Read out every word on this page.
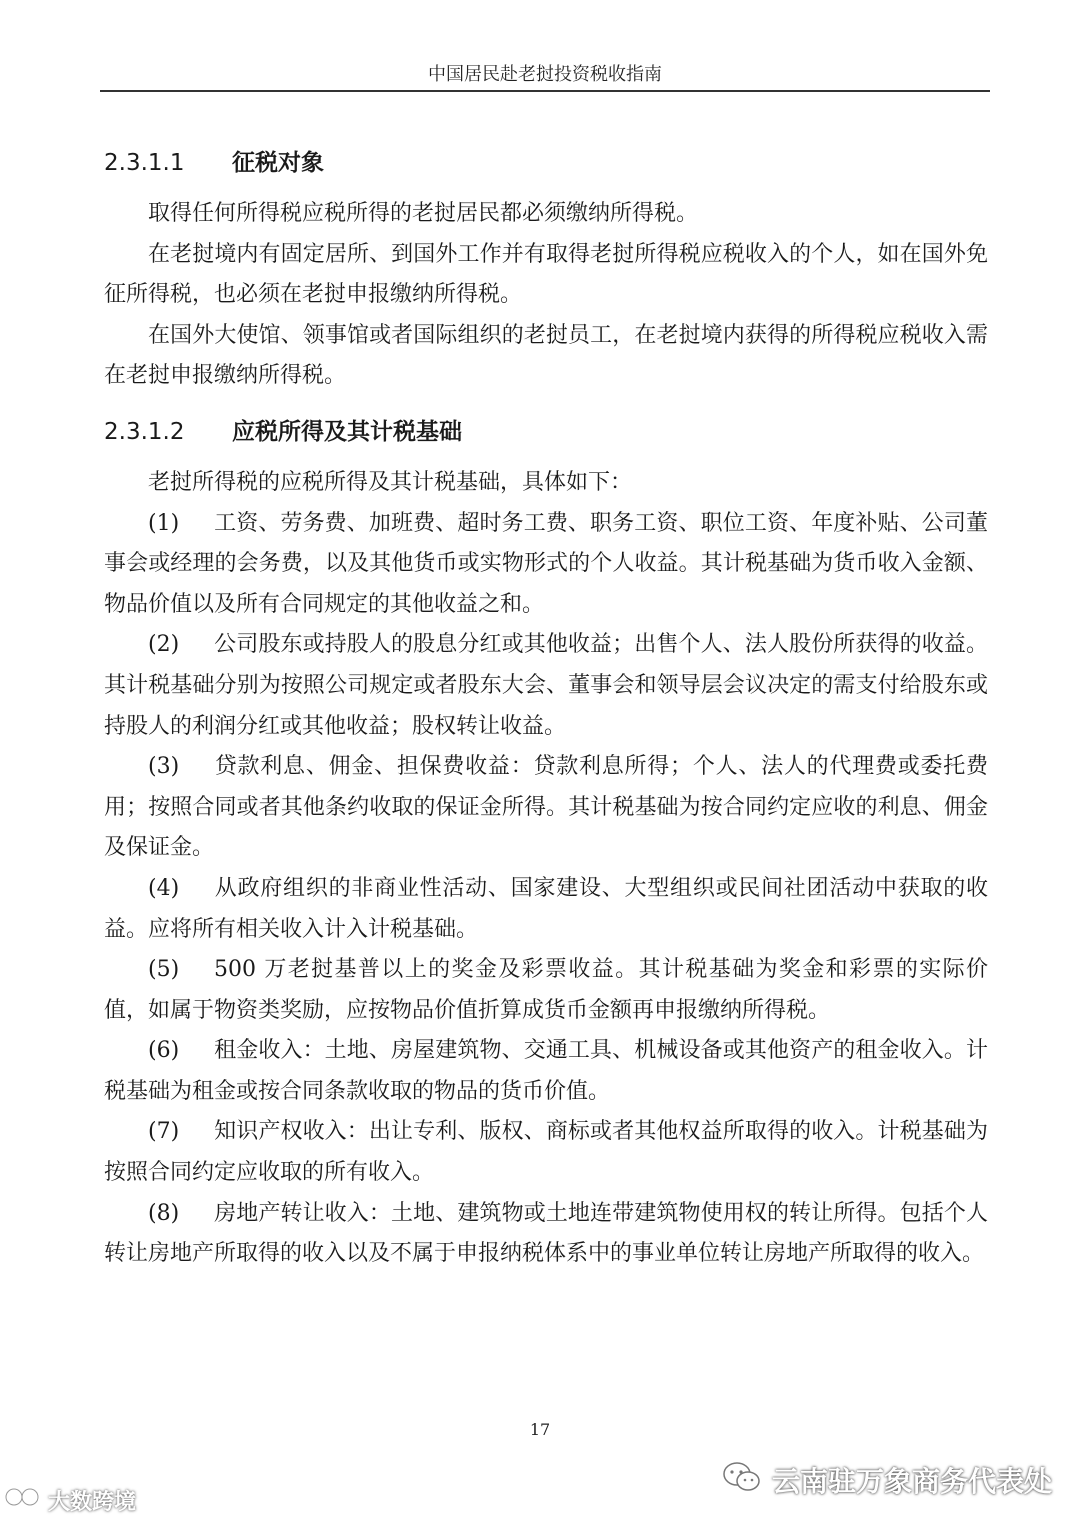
中国居民赴老挝投资税收指南
2.3.1.1 征税对象

取得任何所得税应税所得的老挝居民都必须缴纳所得税。

在老挝境内有固定居所、到国外工作并有取得老挝所得税应税收入的个人，如在国外免征所得税，也必须在老挝申报缴纳所得税。

在国外大使馆、领事馆或者国际组织的老挝员工，在老挝境内获得的所得税应税收入需在老挝申报缴纳所得税。

2.3.1.2 应税所得及其计税基础

老挝所得税的应税所得及其计税基础，具体如下：

(1) 工资、劳务费、加班费、超时务工费、职务工资、职位工资、年度补贴、公司董事会或经理的会务费，以及其他货币或实物形式的个人收益。其计税基础为货币收入金额、物品价值以及所有合同规定的其他收益之和。

(2) 公司股东或持股人的股息分红或其他收益；出售个人、法人股份所获得的收益。其计税基础分别为按照公司规定或者股东大会、董事会和领导层会议决定的需支付给股东或持股人的利润分红或其他收益；股权转让收益。

(3) 贷款利息、佣金、担保费收益：贷款利息所得；个人、法人的代理费或委托费用；按照合同或者其他条约收取的保证金所得。其计税基础为按合同约定应收的利息、佣金及保证金。

(4) 从政府组织的非商业性活动、国家建设、大型组织或民间社团活动中获取的收益。应将所有相关收入计入计税基础。

(5) 500 万老挝基普以上的奖金及彩票收益。其计税基础为奖金和彩票的实际价值，如属于物资类奖励，应按物品价值折算成货币金额再申报缴纳所得税。

(6) 租金收入：土地、房屋建筑物、交通工具、机械设备或其他资产的租金收入。计税基础为租金或按合同条款收取的物品的货币价值。

(7) 知识产权收入：出让专利、版权、商标或者其他权益所取得的收入。计税基础为按照合同约定应收取的所有收入。

(8) 房地产转让收入：土地、建筑物或土地连带建筑物使用权的转让所得。包括个人转让房地产所取得的收入以及不属于申报纳税体系中的事业单位转让房地产所取得的收入。

17
大数跨境
云南驻万象商务代表处
